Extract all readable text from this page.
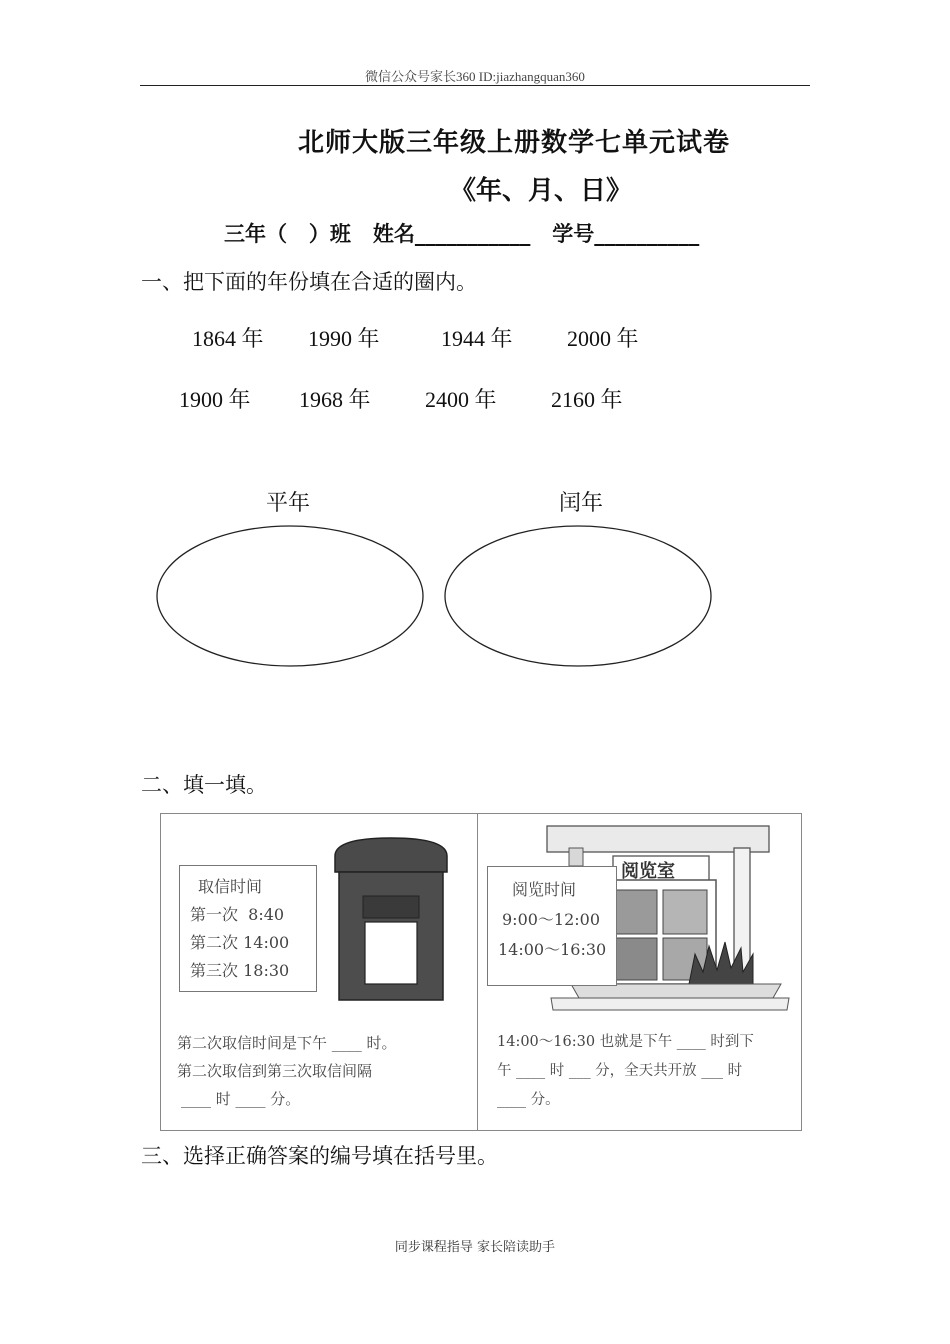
微信公众号家长360 ID:jiazhangquan360
北师大版三年级上册数学七单元试卷
《年、月、日》
三年（   ）班   姓名___________   学号__________
一、把下面的年份填在合适的圈内。
1864 年 1990 年	1944 年 2000 年
1900 年 1968 年 2400 年 2160 年
平年	闰年
二、填一填。
取信时间
第一次  8:40
第二次 14:00
第三次 18:30
第二次取信时间是下午 ____ 时。
第二次取信到第三次取信间隔
____ 时 ____ 分。
阅览室
阅览时间
9:00～12:00
14:00～16:30
14:00～16:30 也就是下午 ____ 时到下
午 ____ 时 ___ 分，全天共开放 ___ 时
____ 分。
三、选择正确答案的编号填在括号里。
同步课程指导 家长陪读助手
